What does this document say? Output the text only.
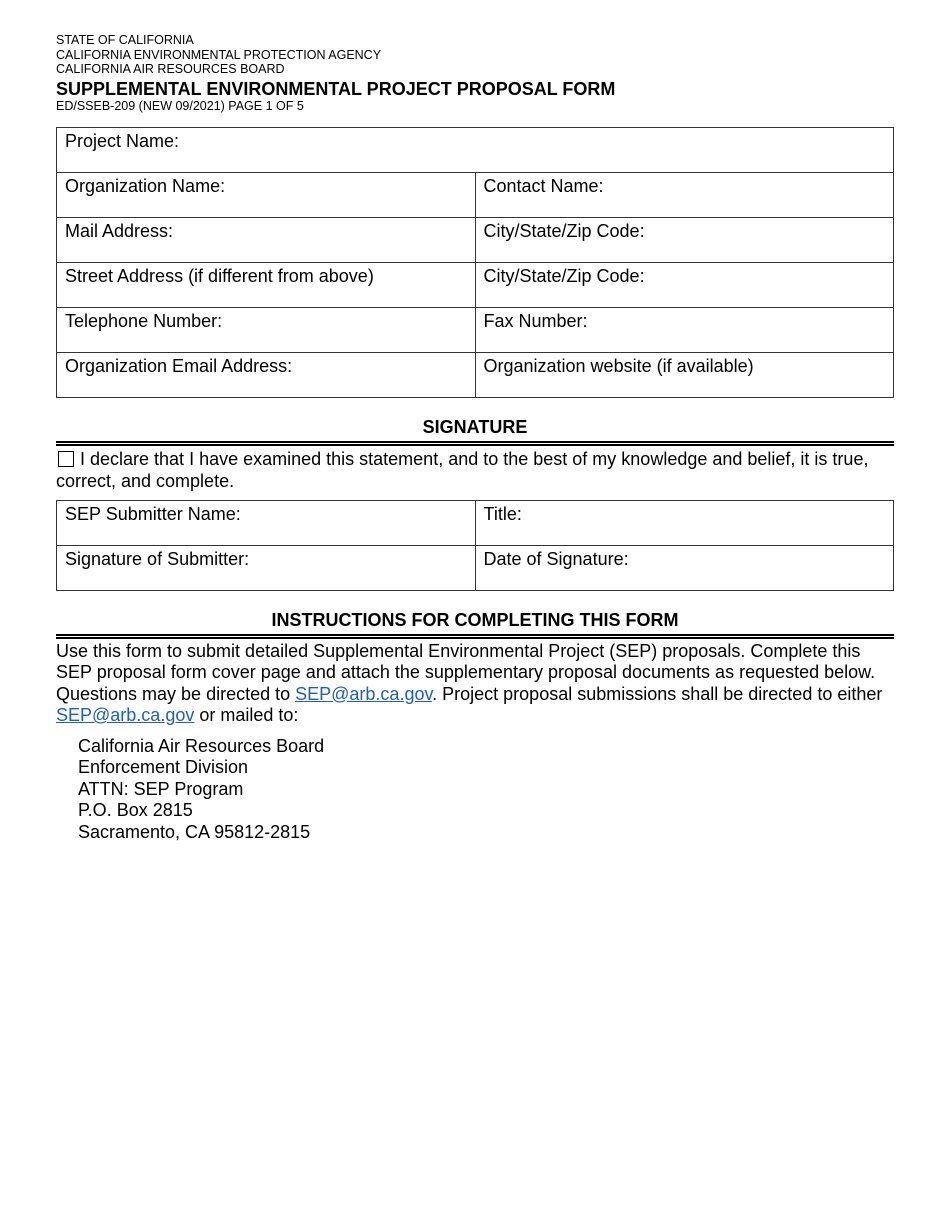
STATE OF CALIFORNIA
CALIFORNIA ENVIRONMENTAL PROTECTION AGENCY
CALIFORNIA AIR RESOURCES BOARD
SUPPLEMENTAL ENVIRONMENTAL PROJECT PROPOSAL FORM
ED/SSEB-209 (NEW 09/2021) PAGE 1 OF 5
Project Name:	
Organization Name:	Contact Name:
Mail Address:	City/State/Zip Code:
Street Address (if different from above)	City/State/Zip Code:
Telephone Number:	Fax Number:
Organization Email Address:	Organization website (if available)
SIGNATURE
I declare that I have examined this statement, and to the best of my knowledge and belief, it is true, correct, and complete.
SEP Submitter Name:	Title:
Signature of Submitter:	Date of Signature:
INSTRUCTIONS FOR COMPLETING THIS FORM
Use this form to submit detailed Supplemental Environmental Project (SEP) proposals. Complete this SEP proposal form cover page and attach the supplementary proposal documents as requested below. Questions may be directed to SEP@arb.ca.gov. Project proposal submissions shall be directed to either SEP@arb.ca.gov or mailed to:
California Air Resources Board
Enforcement Division
ATTN: SEP Program
P.O. Box 2815
Sacramento, CA 95812-2815
